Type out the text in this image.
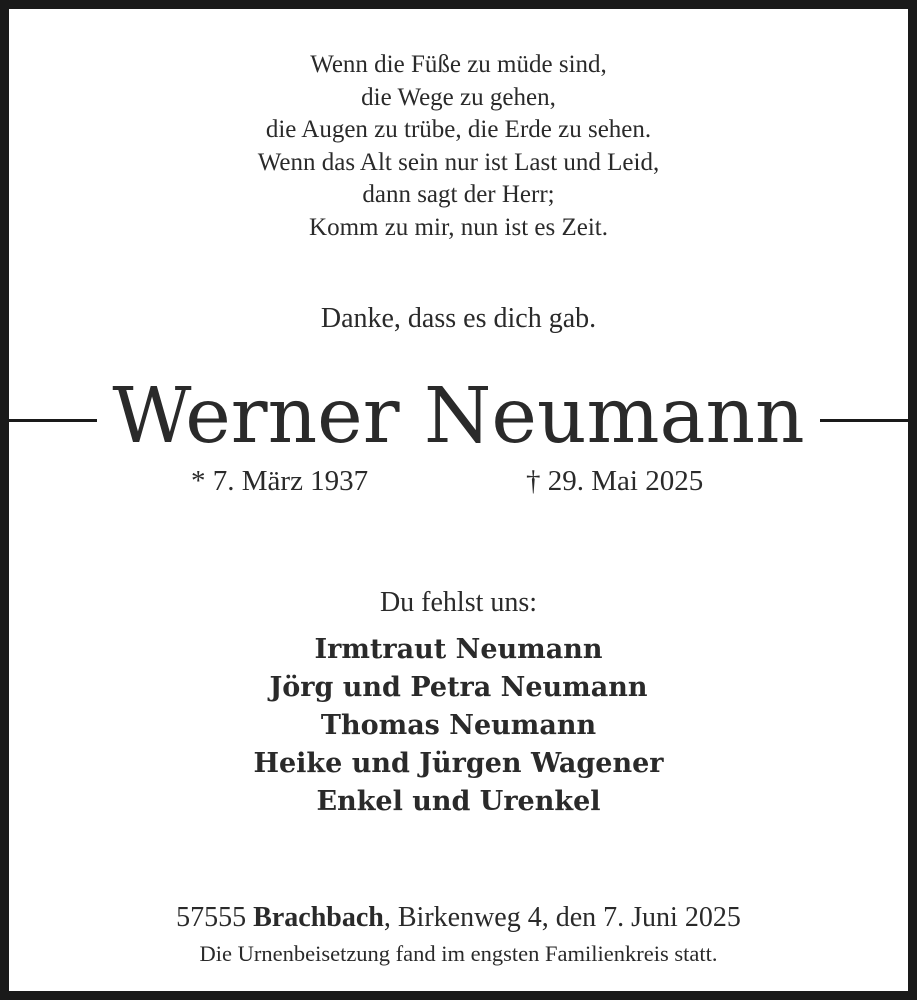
Wenn die Füße zu müde sind,
die Wege zu gehen,
die Augen zu trübe, die Erde zu sehen.
Wenn das Alt sein nur ist Last und Leid,
dann sagt der Herr;
Komm zu mir, nun ist es Zeit.
Danke, dass es dich gab.
Werner Neumann
* 7. März 1937	† 29. Mai 2025
Du fehlst uns:
Irmtraut Neumann
Jörg und Petra Neumann
Thomas Neumann
Heike und Jürgen Wagener
Enkel und Urenkel
57555 Brachbach, Birkenweg 4, den 7. Juni 2025
Die Urnenbeisetzung fand im engsten Familienkreis statt.
